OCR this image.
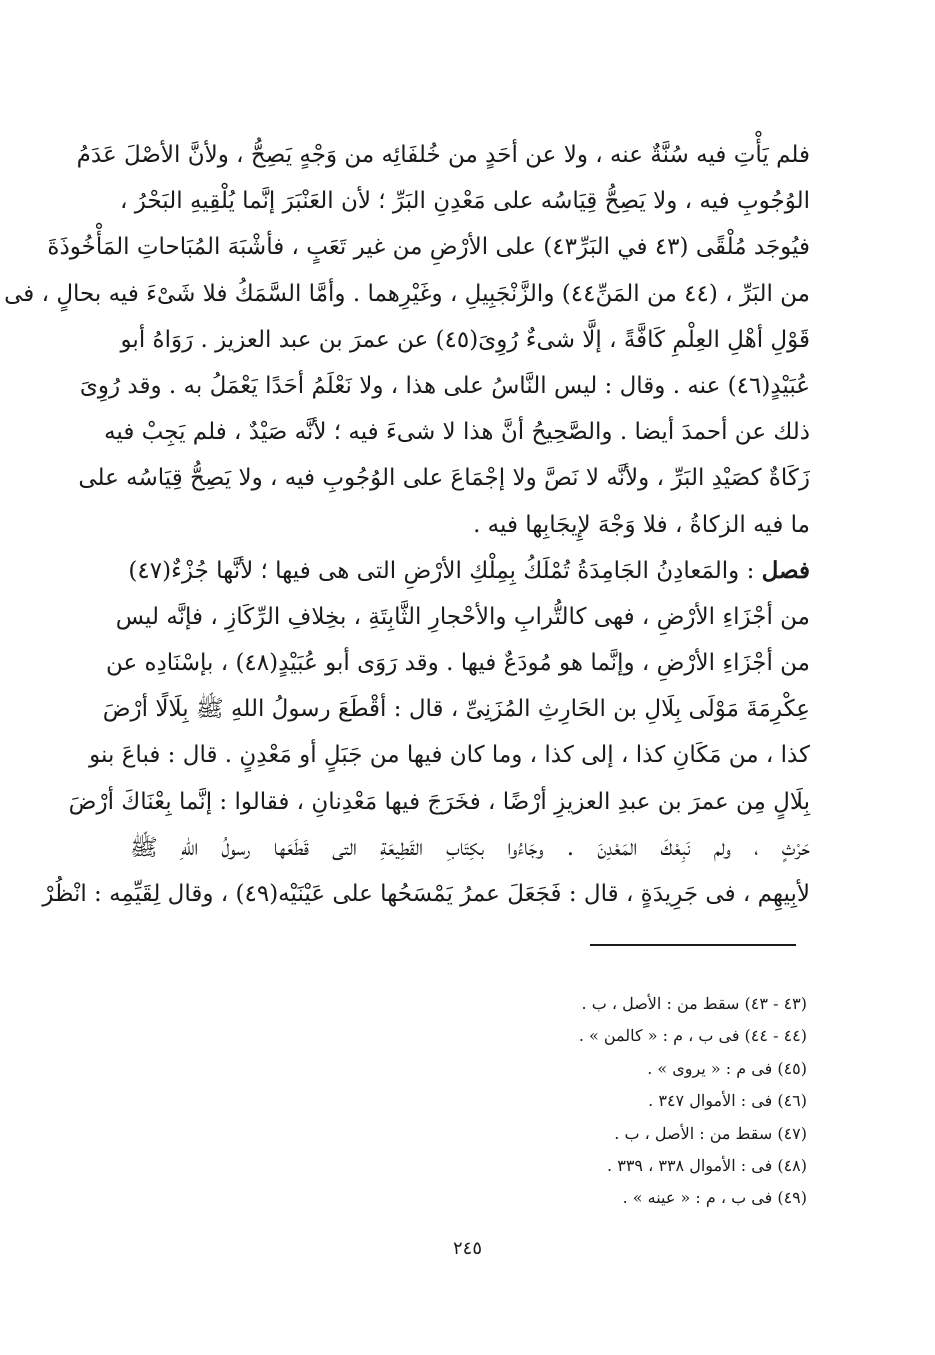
فلم يَأْتِ فيه سُنَّةٌ عنه ، ولا عن أحَدٍ من خُلفَائِه من وَجْهٍ يَصِحُّ ، ولأنَّ الأصْلَ عَدَمُ
الوُجُوبِ فيه ، ولا يَصِحُّ قِيَاسُه على مَعْدِنِ البَرِّ ؛ لأن العَنْبَرَ إنَّما يُلْقِيهِ البَحْرُ ،
فيُوجَد مُلْقًى (٤٣ في البَرِّ٤٣) على الأرْضِ من غير تَعَبٍ ، فأشْبَهَ المُبَاحاتِ المَأْخُوذَةَ
من البَرِّ ، (٤٤ من المَنِّ٤٤) والزَّنْجَبِيلِ ، وغَيْرِهما . وأمَّا السَّمَكُ فلا شَىْءَ فيه بحالٍ ، فى
قَوْلِ أهْلِ العِلْمِ كَافَّةً ، إلَّا شىءٌ رُوِىَ(٤٥) عن عمرَ بن عبد العزيز . رَوَاهُ أبو
عُبَيْدٍ(٤٦) عنه . وقال : ليس النَّاسُ على هذا ، ولا نَعْلَمُ أحَدًا يَعْمَلُ به . وقد رُوِىَ
ذلك عن أحمدَ أيضا . والصَّحِيحُ أنَّ هذا لا شىءَ فيه ؛ لأنَّه صَيْدٌ ، فلم يَجِبْ فيه
زَكَاةٌ كصَيْدِ البَرِّ ، ولأنَّه لا نَصَّ ولا إجْمَاعَ على الوُجُوبِ فيه ، ولا يَصِحُّ قِيَاسُه على
ما فيه الزكاةُ ، فلا وَجْهَ لإِيجَابِها فيه .
فصل : والمَعادِنُ الجَامِدَةُ تُمْلَكُ بِمِلْكِ الأرْضِ التى هى فيها ؛ لأنَّها جُزْءٌ(٤٧)
من أجْزَاءِ الأرْضِ ، فهى كالتُّرابِ والأحْجارِ الثَّابِتَةِ ، بخِلافِ الرِّكَازِ ، فإنَّه ليس
من أجْزَاءِ الأرْضِ ، وإنَّما هو مُودَعٌ فيها . وقد رَوَى أبو عُبَيْدٍ(٤٨) ، بإسْنَادِه عن
عِكْرِمَةَ مَوْلَى بِلَالِ بن الحَارِثِ المُزَنِىِّ ، قال : أقْطَعَ رسولُ اللهِ ﷺ بِلَالًا أرْضَ
كذا ، من مَكَانِ كذا ، إلى كذا ، وما كان فيها من جَبَلٍ أو مَعْدِنٍ . قال : فباعَ بنو
بِلَالٍ مِن عمرَ بن عبدِ العزيزِ أرْضًا ، فخَرَجَ فيها مَعْدِنانِ ، فقالوا : إنَّما بِعْنَاكَ أرْضَ
حَرْثٍ ، ولم نَبِعْكَ المَعْدِنَ . وجَاءُوا بكِتَابِ القَطِيعَةِ التى قَطَعَها رسولُ اللهِ ﷺ
لأبِيهِم ، فى جَرِيدَةٍ ، قال : فَجَعَلَ عمرُ يَمْسَحُها على عَيْنَيْه(٤٩) ، وقال لِقَيِّمِه : انْظُرْ
(٤٣ - ٤٣) سقط من : الأصل ، ب .
(٤٤ - ٤٤) فى ب ، م : « كالمن » .
(٤٥) فى م : « يروى » .
(٤٦) فى : الأموال ٣٤٧ .
(٤٧) سقط من : الأصل ، ب .
(٤٨) فى : الأموال ٣٣٨ ، ٣٣٩ .
(٤٩) فى ب ، م : « عينه » .
٢٤٥
